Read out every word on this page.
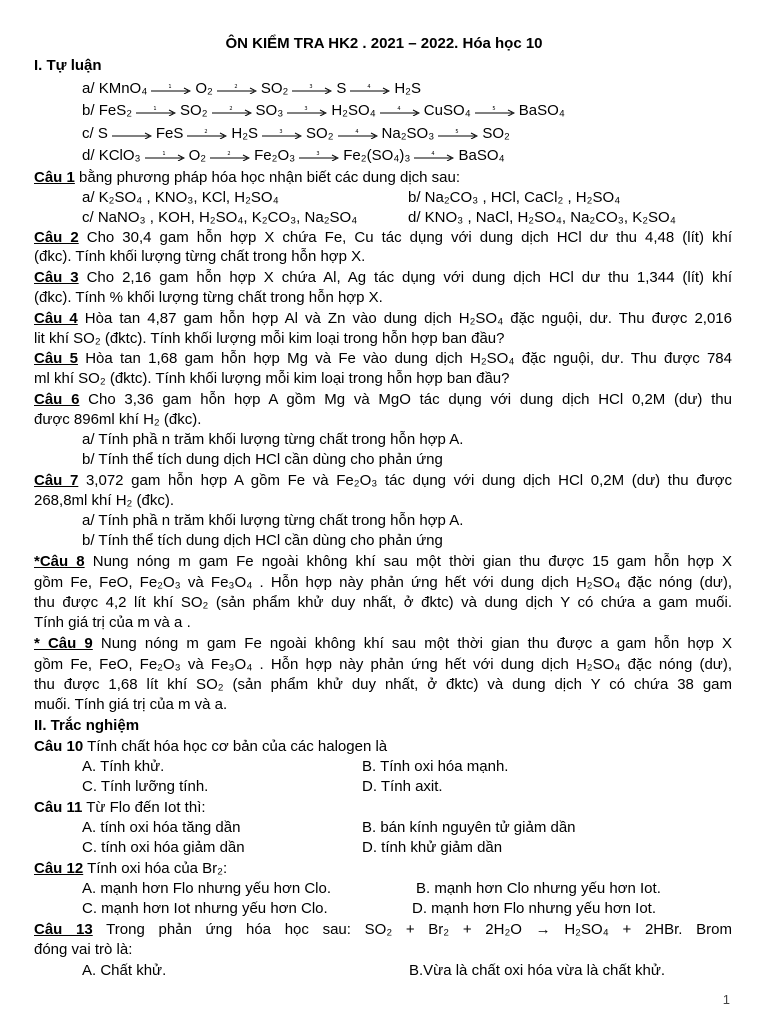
ÔN KIỂM TRA HK2 . 2021 – 2022. Hóa học 10
I. Tự luận
a/ KMnO₄	1 O₂	2 SO₂	3 S	4 H₂S
b/ FeS₂	1 SO₂	2 SO₃	3 H₂SO₄	4 CuSO₄	5 BaSO₄
c/ S	FeS	2 H₂S	3 SO₂	4 Na₂SO₃	5 SO₂
d/ KClO₃	1 O₂	2 Fe₂O₃	3 Fe₂(SO₄)₃	4 BaSO₄
Câu 1 bằng phương pháp hóa học nhận biết các dung dịch sau:
a/ K₂SO₄ , KNO₃, KCl, H₂SO₄	b/ Na₂CO₃ , HCl, CaCl₂ , H₂SO₄
c/ NaNO₃ , KOH, H₂SO₄, K₂CO₃, Na₂SO₄	d/ KNO₃ , NaCl, H₂SO₄, Na₂CO₃, K₂SO₄
Câu 2 Cho 30,4 gam hỗn hợp X chứa Fe, Cu tác dụng với dung dịch HCl dư thu 4,48 (lít) khí
(đkc). Tính khối lượng từng chất trong hỗn hợp X.
Câu 3 Cho 2,16 gam hỗn hợp X chứa Al, Ag tác dụng với dung dịch HCl dư thu 1,344 (lít) khí
(đkc). Tính % khối lượng từng chất trong hỗn hợp X.
Câu 4 Hòa tan 4,87 gam hỗn hợp Al và Zn vào dung dịch H₂SO₄ đặc nguội, dư. Thu được 2,016
lit khí SO₂ (đktc). Tính khối lượng mỗi kim loại trong hỗn hợp ban đầu?
Câu 5 Hòa tan 1,68 gam hỗn hợp Mg và Fe vào dung dịch H₂SO₄ đặc nguội, dư. Thu được 784
ml khí SO₂ (đktc). Tính khối lượng mỗi kim loại trong hỗn hợp ban đầu?
Câu 6 Cho 3,36 gam hỗn hợp A gồm Mg và MgO tác dụng với dung dịch HCl 0,2M (dư) thu
được 896ml khí H₂ (đkc).
a/ Tính phầ n trăm khối lượng từng chất trong hỗn hợp A.
b/ Tính thể tích dung dịch HCl cần dùng cho phản ứng
Câu 7 3,072 gam hỗn hợp A gồm Fe và Fe₂O₃ tác dụng với dung dịch HCl 0,2M (dư) thu được
268,8ml khí H₂ (đkc).
a/ Tính phầ n trăm khối lượng từng chất trong hỗn hợp A.
b/ Tính thể tích dung dịch HCl cần dùng cho phản ứng
*Câu 8 Nung nóng m gam Fe ngoài không khí sau một thời gian thu được 15 gam hỗn hợp X
gồm Fe, FeO, Fe₂O₃ và Fe₃O₄ . Hỗn hợp này phản ứng hết với dung dịch H₂SO₄ đặc nóng (dư),
thu được 4,2 lít khí SO₂ (sản phẩm khử duy nhất, ở đktc) và dung dịch Y có chứa a gam muối.
Tính giá trị của m và a .
* Câu 9 Nung nóng m gam Fe ngoài không khí sau một thời gian thu được a gam hỗn hợp X
gồm Fe, FeO, Fe₂O₃ và Fe₃O₄ . Hỗn hợp này phản ứng hết với dung dịch H₂SO₄ đặc nóng (dư),
thu được 1,68 lít khí SO₂ (sản phẩm khử duy nhất, ở đktc) và dung dịch Y có chứa 38 gam
muối. Tính giá trị của m và a.
II. Trắc nghiệm
Câu 10 Tính chất hóa học cơ bản của các halogen là
A. Tính khử.	B. Tính oxi hóa mạnh.
C. Tính lưỡng tính.	D. Tính axit.
Câu 11 Từ Flo đến Iot thì:
A. tính oxi hóa tăng dần	B. bán kính nguyên tử giảm dần
C. tính oxi hóa giảm dần	D. tính khử giảm dần
Câu 12 Tính oxi hóa của Br₂:
A. mạnh hơn Flo nhưng yếu hơn Clo.	B. mạnh hơn Clo nhưng yếu hơn Iot.
C. mạnh hơn Iot nhưng yếu hơn Clo.	D. mạnh hơn Flo nhưng yếu hơn Iot.
Câu 13 Trong phản ứng hóa học sau: SO₂ + Br₂ + 2H₂O → H₂SO₄ + 2HBr. Brom
đóng vai trò là:
A. Chất khử.	B.Vừa là chất oxi hóa vừa là chất khử.
1
